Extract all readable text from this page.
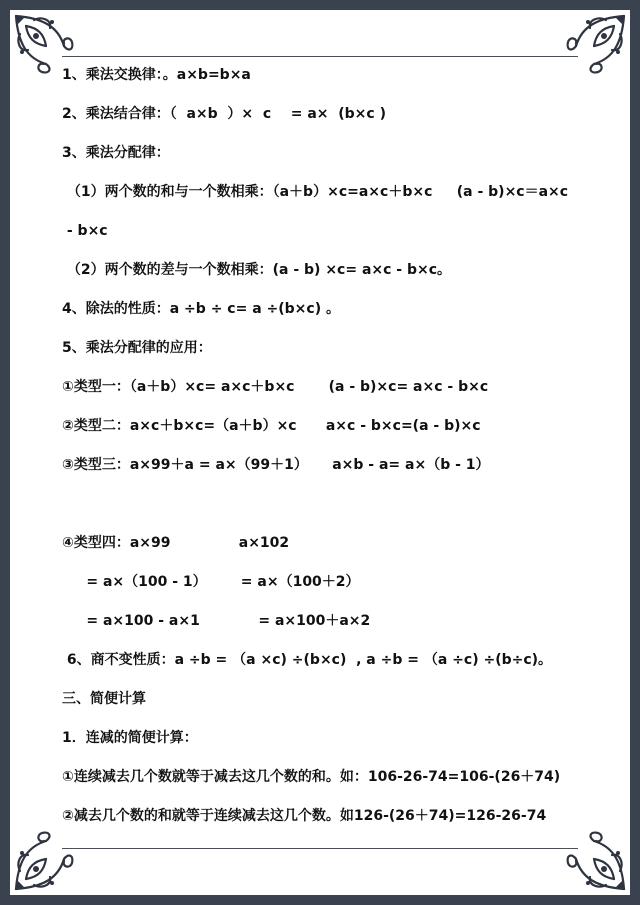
1、乘法交换律：。a×b=b×a
2、乘法结合律：（  a×b  ）×  c    = a×  (b×c )
3、乘法分配律：
（1）两个数的和与一个数相乘：（a＋b）×c=a×c＋b×c     (a - b)×c＝a×c
- b×c
（2）两个数的差与一个数相乘：(a - b) ×c= a×c - b×c。
4、除法的性质：a ÷b ÷ c= a ÷(b×c) 。
5、乘法分配律的应用：
①类型一：（a＋b）×c= a×c＋b×c       (a - b)×c= a×c - b×c
②类型二：a×c＋b×c=（a＋b）×c      a×c - b×c=(a - b)×c
③类型三：a×99＋a = a×（99＋1）     a×b - a= a×（b - 1）
④类型四：a×99              a×102
= a×（100 - 1）       = a×（100＋2）
= a×100 - a×1            = a×100＋a×2
6、商不变性质：a ÷b = （a ×c) ÷(b×c)  , a ÷b = （a ÷c) ÷(b÷c)。
三、简便计算
1．连减的简便计算：
①连续减去几个数就等于减去这几个数的和。如：106-26-74=106-(26＋74)
②减去几个数的和就等于连续减去这几个数。如126-(26＋74)=126-26-74
